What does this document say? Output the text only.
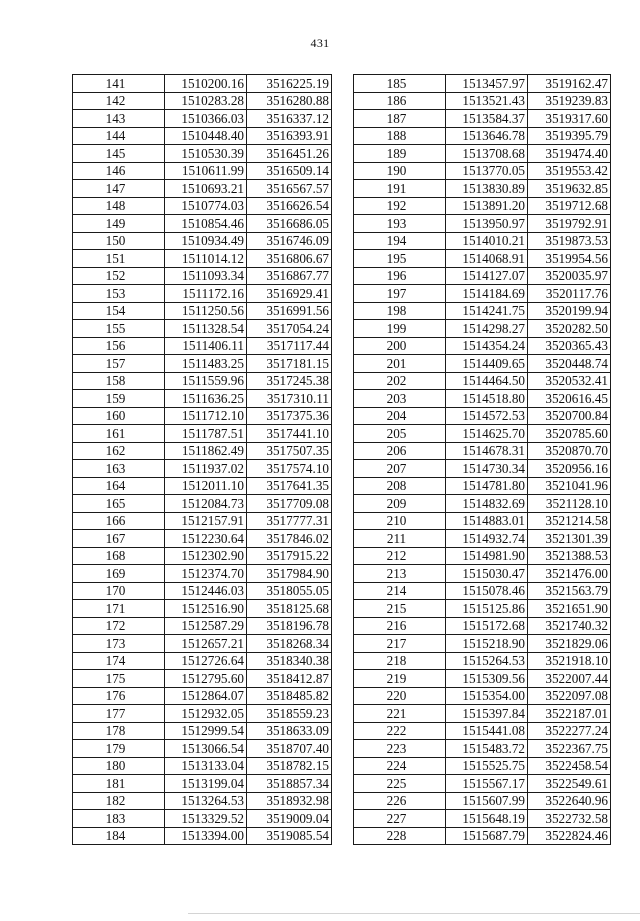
431
141	1510200.16	3516225.19
142	1510283.28	3516280.88
143	1510366.03	3516337.12
144	1510448.40	3516393.91
145	1510530.39	3516451.26
146	1510611.99	3516509.14
147	1510693.21	3516567.57
148	1510774.03	3516626.54
149	1510854.46	3516686.05
150	1510934.49	3516746.09
151	1511014.12	3516806.67
152	1511093.34	3516867.77
153	1511172.16	3516929.41
154	1511250.56	3516991.56
155	1511328.54	3517054.24
156	1511406.11	3517117.44
157	1511483.25	3517181.15
158	1511559.96	3517245.38
159	1511636.25	3517310.11
160	1511712.10	3517375.36
161	1511787.51	3517441.10
162	1511862.49	3517507.35
163	1511937.02	3517574.10
164	1512011.10	3517641.35
165	1512084.73	3517709.08
166	1512157.91	3517777.31
167	1512230.64	3517846.02
168	1512302.90	3517915.22
169	1512374.70	3517984.90
170	1512446.03	3518055.05
171	1512516.90	3518125.68
172	1512587.29	3518196.78
173	1512657.21	3518268.34
174	1512726.64	3518340.38
175	1512795.60	3518412.87
176	1512864.07	3518485.82
177	1512932.05	3518559.23
178	1512999.54	3518633.09
179	1513066.54	3518707.40
180	1513133.04	3518782.15
181	1513199.04	3518857.34
182	1513264.53	3518932.98
183	1513329.52	3519009.04
184	1513394.00	3519085.54
185	1513457.97	3519162.47
186	1513521.43	3519239.83
187	1513584.37	3519317.60
188	1513646.78	3519395.79
189	1513708.68	3519474.40
190	1513770.05	3519553.42
191	1513830.89	3519632.85
192	1513891.20	3519712.68
193	1513950.97	3519792.91
194	1514010.21	3519873.53
195	1514068.91	3519954.56
196	1514127.07	3520035.97
197	1514184.69	3520117.76
198	1514241.75	3520199.94
199	1514298.27	3520282.50
200	1514354.24	3520365.43
201	1514409.65	3520448.74
202	1514464.50	3520532.41
203	1514518.80	3520616.45
204	1514572.53	3520700.84
205	1514625.70	3520785.60
206	1514678.31	3520870.70
207	1514730.34	3520956.16
208	1514781.80	3521041.96
209	1514832.69	3521128.10
210	1514883.01	3521214.58
211	1514932.74	3521301.39
212	1514981.90	3521388.53
213	1515030.47	3521476.00
214	1515078.46	3521563.79
215	1515125.86	3521651.90
216	1515172.68	3521740.32
217	1515218.90	3521829.06
218	1515264.53	3521918.10
219	1515309.56	3522007.44
220	1515354.00	3522097.08
221	1515397.84	3522187.01
222	1515441.08	3522277.24
223	1515483.72	3522367.75
224	1515525.75	3522458.54
225	1515567.17	3522549.61
226	1515607.99	3522640.96
227	1515648.19	3522732.58
228	1515687.79	3522824.46
